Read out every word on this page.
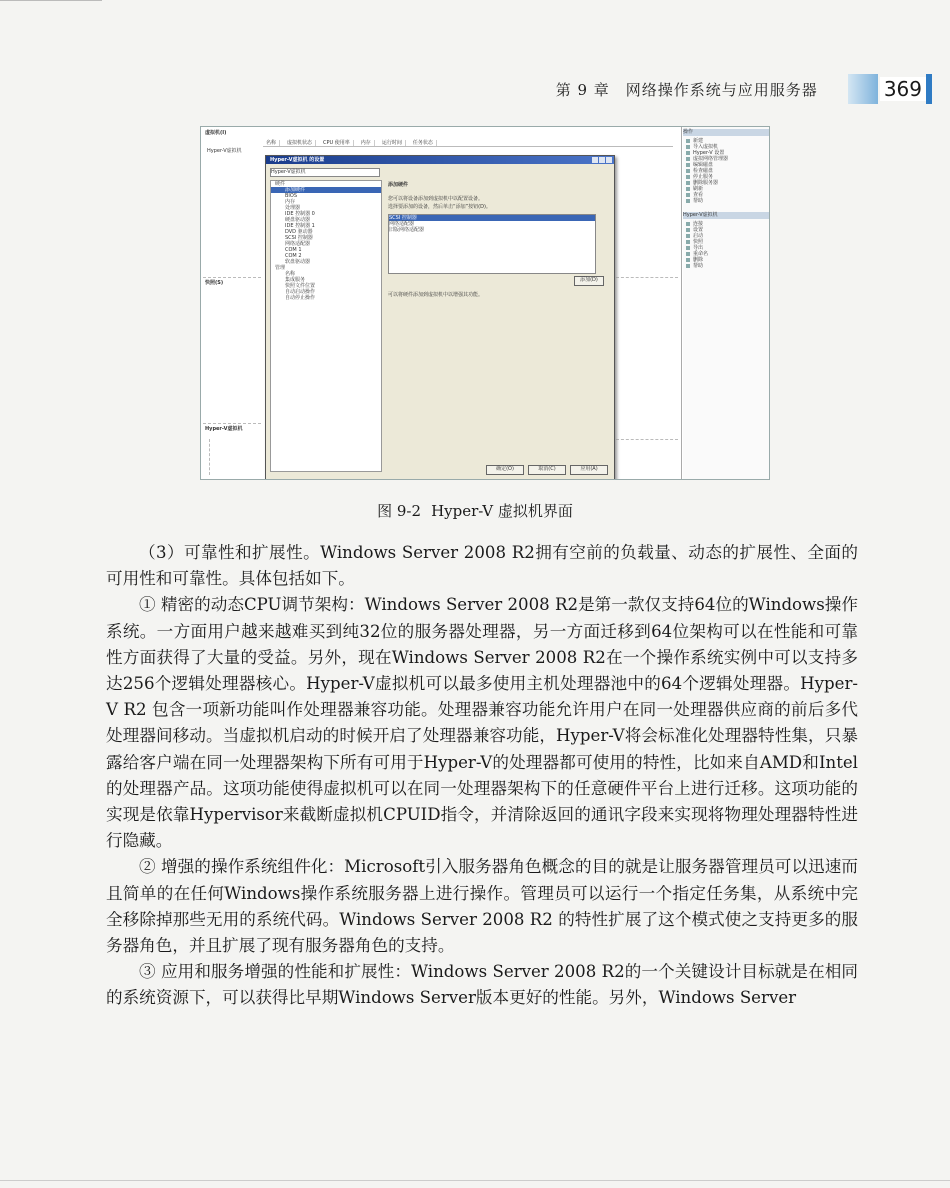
第 9 章　网络操作系统与应用服务器	369
虚拟机(I)
名称	虚拟机状态	CPU 使用率	内存	运行时间	任务状态
Hyper-V虚拟机
快照(S)
Hyper-V虚拟机
Hyper-V虚拟机 的设置
Hyper-V虚拟机
硬件
添加硬件
BIOS
内存
处理器
IDE 控制器 0
硬盘驱动器
IDE 控制器 1
DVD 驱动器
SCSI 控制器
网络适配器
COM 1
COM 2
软盘驱动器
管理
名称
集成服务
快照文件位置
自动启动操作
自动停止操作
添加硬件
您可以将设备添加到虚拟机中以配置设备。
选择要添加的设备，然后单击“添加”按钮(D)。
SCSI 控制器
网络适配器
旧版网络适配器
添加(D)
可以将硬件添加到虚拟机中以增强其功能。
确定(O)	取消(C)	应用(A)
操作
新建
导入虚拟机
Hyper-V 设置
虚拟网络管理器
编辑磁盘
检查磁盘
停止服务
删除服务器
刷新
查看
帮助
Hyper-V虚拟机
连接
设置
启动
快照
导出
重命名
删除
帮助
图 9-2 Hyper-V 虚拟机界面

（3）可靠性和扩展性。Windows Server 2008 R2拥有空前的负载量、动态的扩展性、全面的可用性和可靠性。具体包括如下。

① 精密的动态CPU调节架构：Windows Server 2008 R2是第一款仅支持64位的Windows操作系统。一方面用户越来越难买到纯32位的服务器处理器，另一方面迁移到64位架构可以在性能和可靠性方面获得了大量的受益。另外，现在Windows Server 2008 R2在一个操作系统实例中可以支持多达256个逻辑处理器核心。Hyper-V虚拟机可以最多使用主机处理器池中的64个逻辑处理器。Hyper-V R2 包含一项新功能叫作处理器兼容功能。处理器兼容功能允许用户在同一处理器供应商的前后多代处理器间移动。当虚拟机启动的时候开启了处理器兼容功能，Hyper-V将会标准化处理器特性集，只暴露给客户端在同一处理器架构下所有可用于Hyper-V的处理器都可使用的特性，比如来自AMD和Intel的处理器产品。这项功能使得虚拟机可以在同一处理器架构下的任意硬件平台上进行迁移。这项功能的实现是依靠Hypervisor来截断虚拟机CPUID指令，并清除返回的通讯字段来实现将物理处理器特性进行隐藏。

② 增强的操作系统组件化：Microsoft引入服务器角色概念的目的就是让服务器管理员可以迅速而且简单的在任何Windows操作系统服务器上进行操作。管理员可以运行一个指定任务集，从系统中完全移除掉那些无用的系统代码。Windows Server 2008 R2 的特性扩展了这个模式使之支持更多的服务器角色，并且扩展了现有服务器角色的支持。

③ 应用和服务增强的性能和扩展性：Windows Server 2008 R2的一个关键设计目标就是在相同的系统资源下，可以获得比早期Windows Server版本更好的性能。另外，Windows Server
